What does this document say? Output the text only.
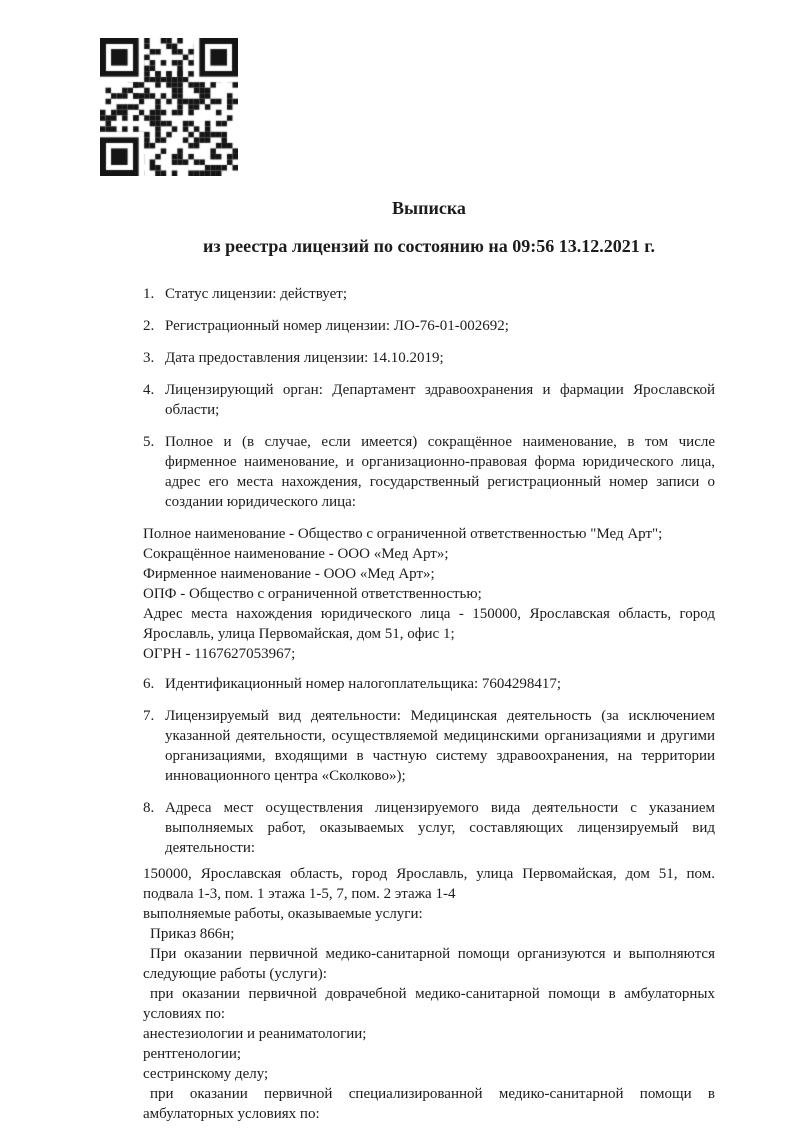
Выписка
из реестра лицензий по состоянию на 09:56 13.12.2021 г.
1. Статус лицензии: действует;
2. Регистрационный номер лицензии: ЛО-76-01-002692;
3. Дата предоставления лицензии: 14.10.2019;
4. Лицензирующий орган: Департамент здравоохранения и фармации Ярославской области;
5. Полное и (в случае, если имеется) сокращённое наименование, в том числе фирменное наименование, и организационно-правовая форма юридического лица, адрес его места нахождения, государственный регистрационный номер записи о создании юридического лица:
Полное наименование - Общество с ограниченной ответственностью "Мед Арт";
Сокращённое наименование - ООО «Мед Арт»;
Фирменное наименование - ООО «Мед Арт»;
ОПФ - Общество с ограниченной ответственностью;
Адрес места нахождения юридического лица - 150000, Ярославская область, город Ярославль, улица Первомайская, дом 51, офис 1;
ОГРН - 1167627053967;
6. Идентификационный номер налогоплательщика: 7604298417;
7. Лицензируемый вид деятельности: Медицинская деятельность (за исключением указанной деятельности, осуществляемой медицинскими организациями и другими организациями, входящими в частную систему здравоохранения, на территории инновационного центра «Сколково»);
8. Адреса мест осуществления лицензируемого вида деятельности с указанием выполняемых работ, оказываемых услуг, составляющих лицензируемый вид деятельности:
150000, Ярославская область, город Ярославль, улица Первомайская, дом 51, пом. подвала 1-3, пом. 1 этажа 1-5, 7, пом. 2 этажа 1-4
выполняемые работы, оказываемые услуги:
Приказ 866н;
При оказании первичной медико-санитарной помощи организуются и выполняются следующие работы (услуги):
при оказании первичной доврачебной медико-санитарной помощи в амбулаторных условиях по:
анестезиологии и реаниматологии;
рентгенологии;
сестринскому делу;
при оказании первичной специализированной медико-санитарной помощи в амбулаторных условиях по:
